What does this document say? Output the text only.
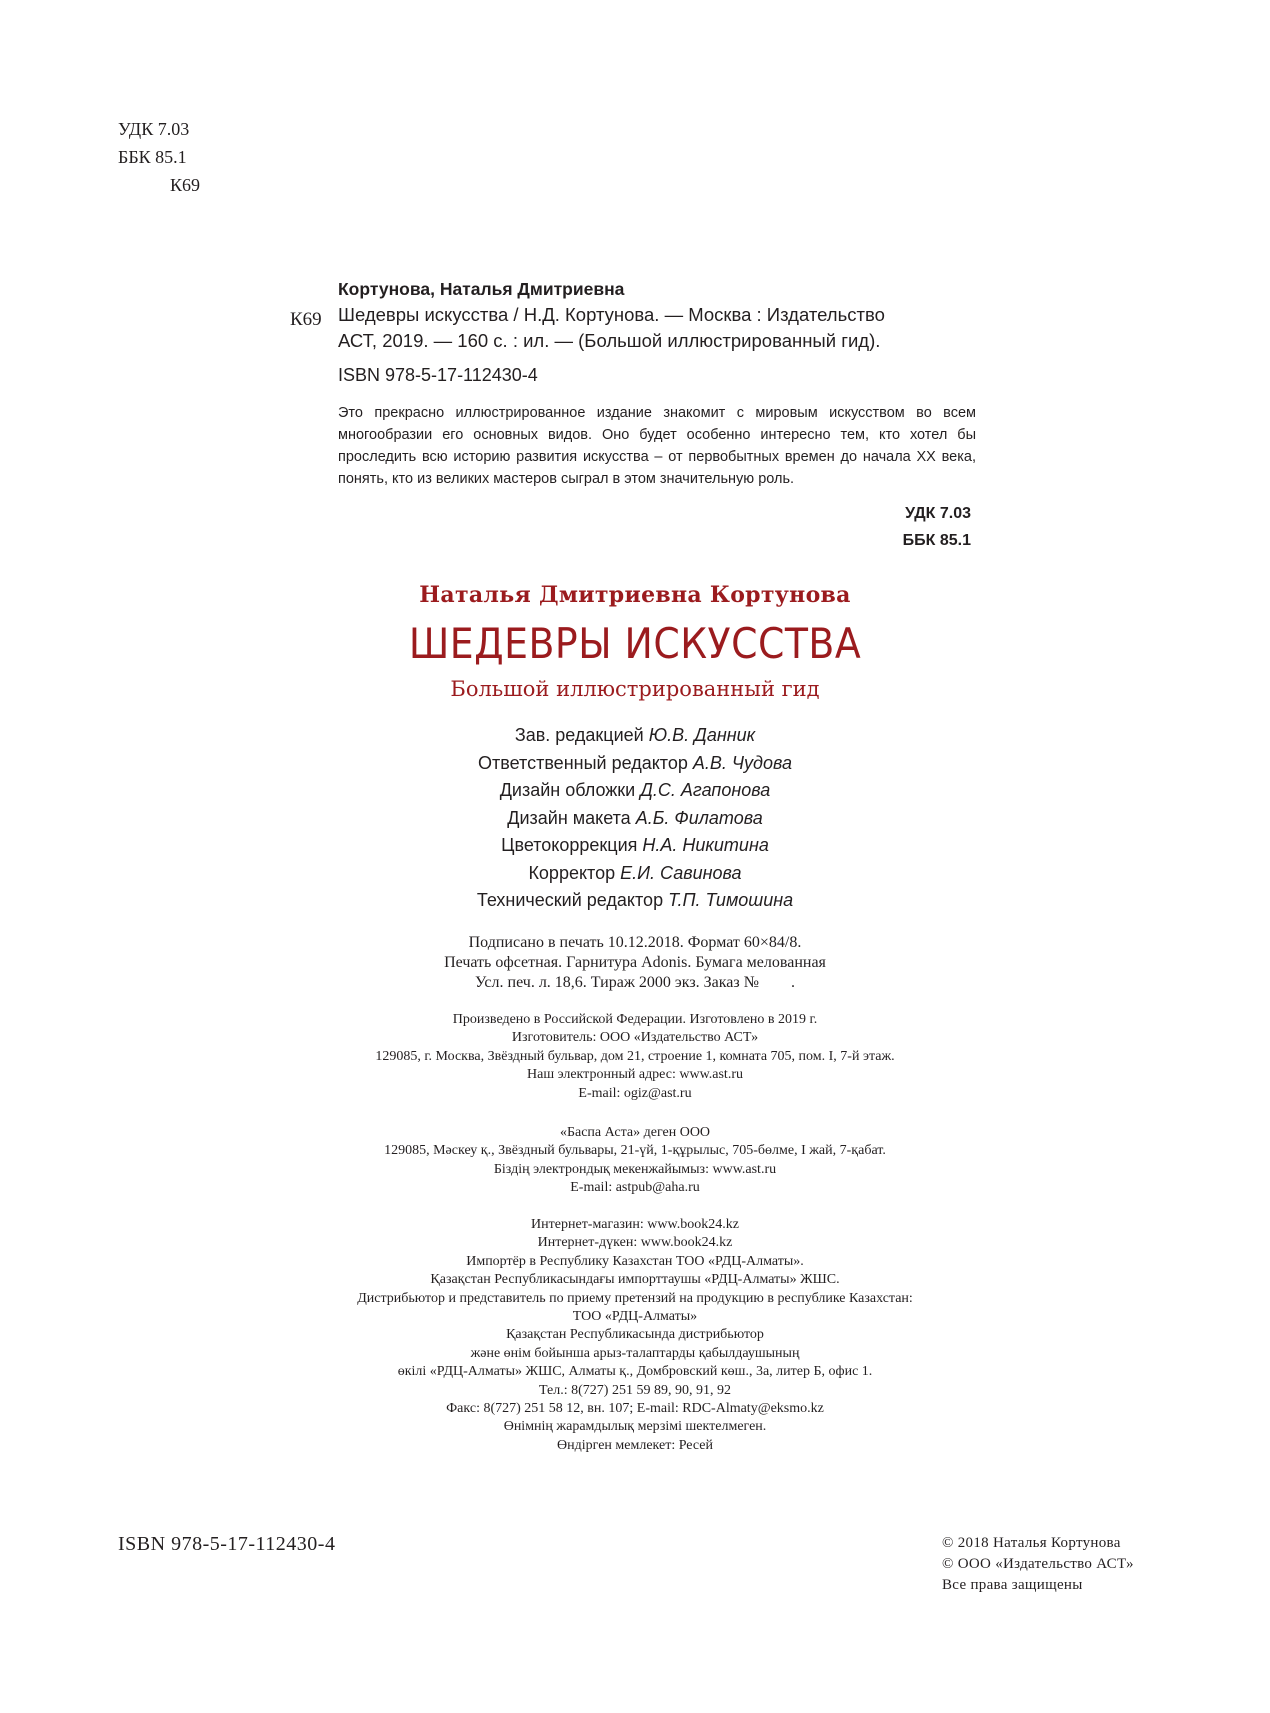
УДК 7.03
ББК 85.1
К69
Кортунова, Наталья Дмитриевна
К69 Шедевры искусства / Н.Д. Кортунова. — Москва : Издательство
АСТ, 2019. — 160 с. : ил. — (Большой иллюстрированный гид).
ISBN 978-5-17-112430-4
Это прекрасно иллюстрированное издание знакомит с мировым искусством во всем многообразии его основных видов. Оно будет особенно интересно тем, кто хотел бы проследить всю историю развития искусства – от первобытных времен до начала XX века, понять, кто из великих мастеров сыграл в этом значительную роль.
УДК 7.03
ББК 85.1
Наталья Дмитриевна Кортунова
ШЕДЕВРЫ ИСКУССТВА
Большой иллюстрированный гид
Зав. редакцией Ю.В. Данник
Ответственный редактор А.В. Чудова
Дизайн обложки Д.С. Агапонова
Дизайн макета А.Б. Филатова
Цветокоррекция Н.А. Никитина
Корректор Е.И. Савинова
Технический редактор Т.П. Тимошина
Подписано в печать 10.12.2018. Формат 60×84/8.
Печать офсетная. Гарнитура Adonis. Бумага мелованная
Усл. печ. л. 18,6. Тираж 2000 экз. Заказ №        .
Произведено в Российской Федерации. Изготовлено в 2019 г.
Изготовитель: ООО «Издательство АСТ»
129085, г. Москва, Звёздный бульвар, дом 21, строение 1, комната 705, пом. I, 7-й этаж.
Наш электронный адрес: www.ast.ru
E-mail: ogiz@ast.ru
«Баспа Аста» деген ООО
129085, Мәскеу қ., Звёздный бульвары, 21-үй, 1-құрылыс, 705-бөлме, I жай, 7-қабат.
Біздің электрондық мекенжайымыз: www.ast.ru
E-mail: astpub@aha.ru
Интернет-магазин: www.book24.kz
Интернет-дүкен: www.book24.kz
Импортёр в Республику Казахстан ТОО «РДЦ-Алматы».
Қазақстан Республикасындағы импорттаушы «РДЦ-Алматы» ЖШС.
Дистрибьютор и представитель по приему претензий на продукцию в республике Казахстан:
ТОО «РДЦ-Алматы»
Қазақстан Республикасында дистрибьютор
және өнім бойынша арыз-талаптарды қабылдаушының
өкілі «РДЦ-Алматы» ЖШС, Алматы қ., Домбровский көш., 3а, литер Б, офис 1.
Тел.: 8(727) 251 59 89, 90, 91, 92
Факс: 8(727) 251 58 12, вн. 107; E-mail: RDC-Almaty@eksmo.kz
Өнімнің жарамдылық мерзімі шектелмеген.
Өндірген мемлекет: Ресей
ISBN 978-5-17-112430-4	© 2018 Наталья Кортунова
© ООО «Издательство АСТ»
Все права защищены
